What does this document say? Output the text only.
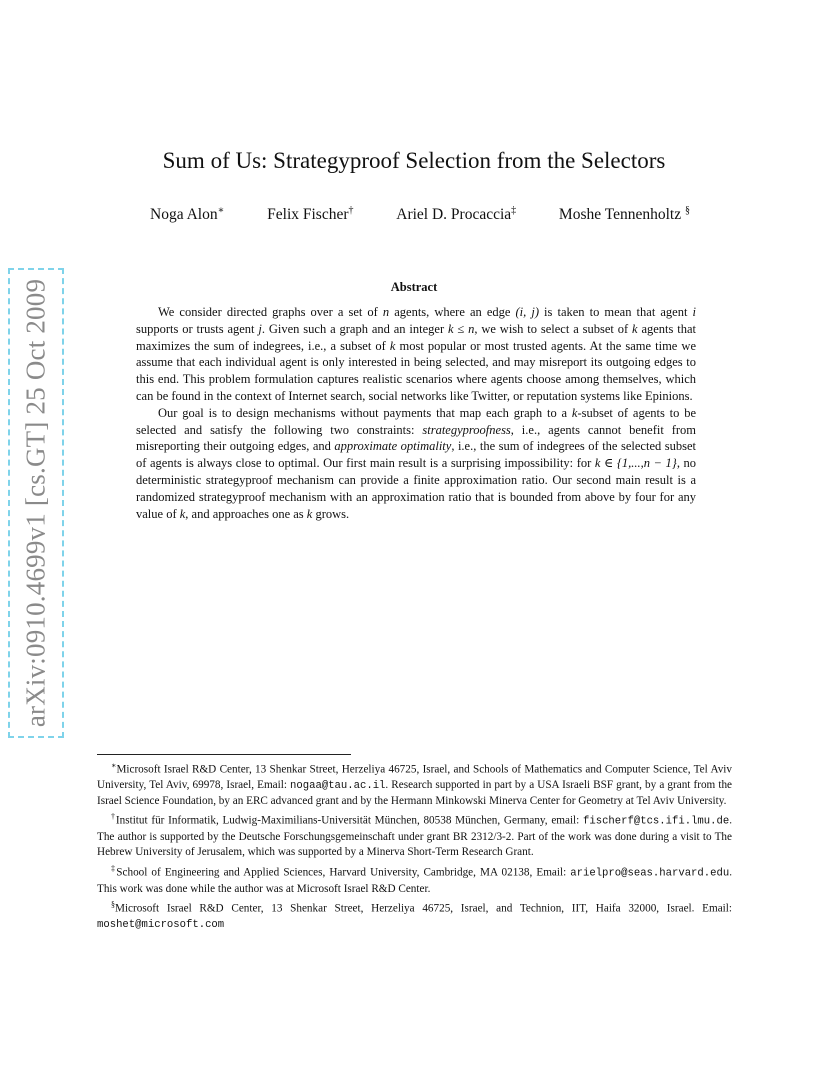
arXiv:0910.4699v1 [cs.GT] 25 Oct 2009
Sum of Us: Strategyproof Selection from the Selectors
Noga Alon∗	Felix Fischer†	Ariel D. Procaccia‡	Moshe Tennenholtz §
Abstract

We consider directed graphs over a set of n agents, where an edge (i, j) is taken to mean that agent i supports or trusts agent j. Given such a graph and an integer k ≤ n, we wish to select a subset of k agents that maximizes the sum of indegrees, i.e., a subset of k most popular or most trusted agents. At the same time we assume that each individual agent is only interested in being selected, and may misreport its outgoing edges to this end. This problem formulation captures realistic scenarios where agents choose among themselves, which can be found in the context of Internet search, social networks like Twitter, or reputation systems like Epinions.

Our goal is to design mechanisms without payments that map each graph to a k-subset of agents to be selected and satisfy the following two constraints: strategyproofness, i.e., agents cannot benefit from misreporting their outgoing edges, and approximate optimality, i.e., the sum of indegrees of the selected subset of agents is always close to optimal. Our first main result is a surprising impossibility: for k ∈ {1,...,n − 1}, no deterministic strategyproof mechanism can provide a finite approximation ratio. Our second main result is a randomized strategyproof mechanism with an approximation ratio that is bounded from above by four for any value of k, and approaches one as k grows.

∗Microsoft Israel R&D Center, 13 Shenkar Street, Herzeliya 46725, Israel, and Schools of Mathematics and Computer Science, Tel Aviv University, Tel Aviv, 69978, Israel, Email: nogaa@tau.ac.il. Research supported in part by a USA Israeli BSF grant, by a grant from the Israel Science Foundation, by an ERC advanced grant and by the Hermann Minkowski Minerva Center for Geometry at Tel Aviv University.

†Institut für Informatik, Ludwig-Maximilians-Universität München, 80538 München, Germany, email: fischerf@tcs.ifi.lmu.de. The author is supported by the Deutsche Forschungsgemeinschaft under grant BR 2312/3-2. Part of the work was done during a visit to The Hebrew University of Jerusalem, which was supported by a Minerva Short-Term Research Grant.

‡School of Engineering and Applied Sciences, Harvard University, Cambridge, MA 02138, Email: arielpro@seas.harvard.edu. This work was done while the author was at Microsoft Israel R&D Center.

§Microsoft Israel R&D Center, 13 Shenkar Street, Herzeliya 46725, Israel, and Technion, IIT, Haifa 32000, Israel. Email: moshet@microsoft.com
